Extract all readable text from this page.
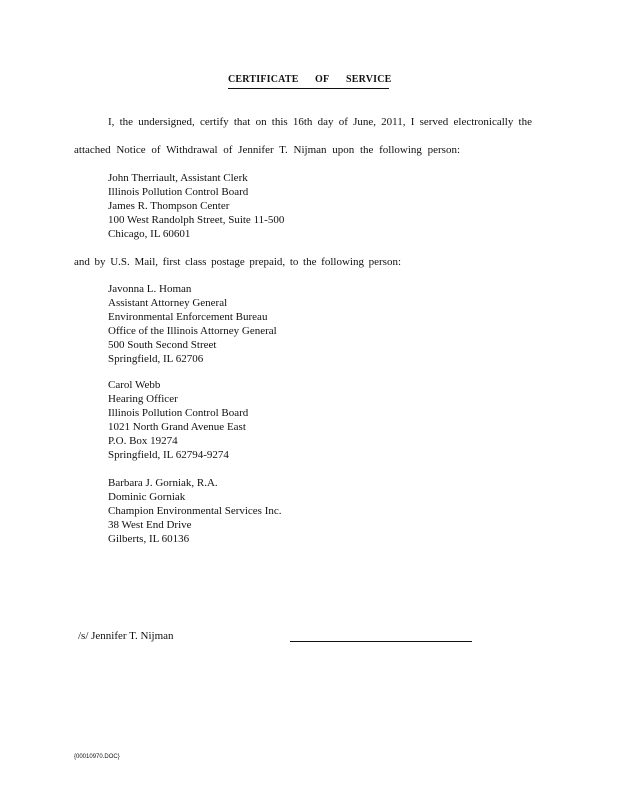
CERTIFICATE OF SERVICE
I, the undersigned, certify that on this 16th day of June, 2011, I served electronically the
attached Notice of Withdrawal of Jennifer T. Nijman upon the following person:
John Therriault, Assistant Clerk
Illinois Pollution Control Board
James R. Thompson Center
100 West Randolph Street, Suite 11-500
Chicago, IL 60601
and by U.S. Mail, first class postage prepaid, to the following person:
Javonna L. Homan
Assistant Attorney General
Environmental Enforcement Bureau
Office of the Illinois Attorney General
500 South Second Street
Springfield, IL 62706
Carol Webb
Hearing Officer
Illinois Pollution Control Board
1021 North Grand Avenue East
P.O. Box 19274
Springfield, IL 62794-9274
Barbara J. Gorniak, R.A.
Dominic Gorniak
Champion Environmental Services Inc.
38 West End Drive
Gilberts, IL 60136
/s/ Jennifer T. Nijman
{00010970.DOC}
